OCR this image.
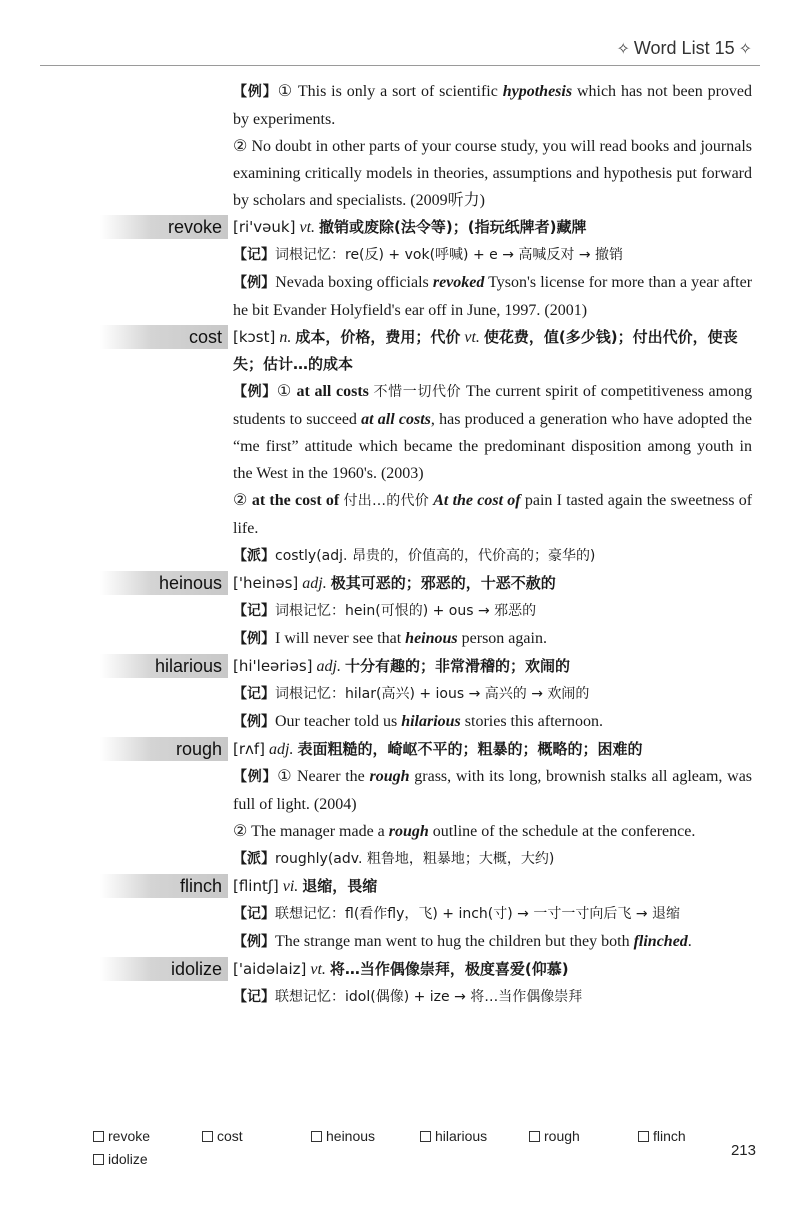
✧ Word List 15 ✧
【例】① This is only a sort of scientific hypothesis which has not been proved by experiments.
② No doubt in other parts of your course study, you will read books and journals examining critically models in theories, assumptions and hypothesis put forward by scholars and specialists. (2009听力)
revoke [ri'vəuk] vt. 撤销或废除(法令等)；(指玩纸牌者)藏牌
【记】词根记忆：re(反) + vok(呼喊) + e → 高喊反对 → 撤销
【例】Nevada boxing officials revoked Tyson's license for more than a year after he bit Evander Holyfield's ear off in June, 1997. (2001)
cost [kɔst] n. 成本，价格，费用；代价 vt. 使花费，值(多少钱)；付出代价，使丧失；估计…的成本
【例】① at all costs 不惜一切代价 The current spirit of competitiveness among students to succeed at all costs, has produced a generation who have adopted the “me first” attitude which became the predominant disposition among youth in the West in the 1960's. (2003)
② at the cost of 付出…的代价 At the cost of pain I tasted again the sweetness of life.
【派】costly(adj. 昂贵的，价值高的，代价高的；豪华的)
heinous ['heinəs] adj. 极其可恶的；邪恶的，十恶不赦的
【记】词根记忆：hein(可恨的) + ous → 邪恶的
【例】I will never see that heinous person again.
hilarious [hi'leəriəs] adj. 十分有趣的；非常滑稽的；欢闹的
【记】词根记忆：hilar(高兴) + ious → 高兴的 → 欢闹的
【例】Our teacher told us hilarious stories this afternoon.
rough [rʌf] adj. 表面粗糙的，崎岖不平的；粗暴的；概略的；困难的
【例】① Nearer the rough grass, with its long, brownish stalks all agleam, was full of light. (2004)
② The manager made a rough outline of the schedule at the conference.
【派】roughly(adv. 粗鲁地，粗暴地；大概，大约)
flinch [flintʃ] vi. 退缩，畏缩
【记】联想记忆：fl(看作fly，飞) + inch(寸) → 一寸一寸向后飞 → 退缩
【例】The strange man went to hug the children but they both flinched.
idolize ['aidəlaiz] vt. 将…当作偶像崇拜，极度喜爱(仰慕)
【记】联想记忆：idol(偶像) + ize → 将…当作偶像崇拜
revoke	cost	heinous	hilarious	rough	flinch
idolize	213
